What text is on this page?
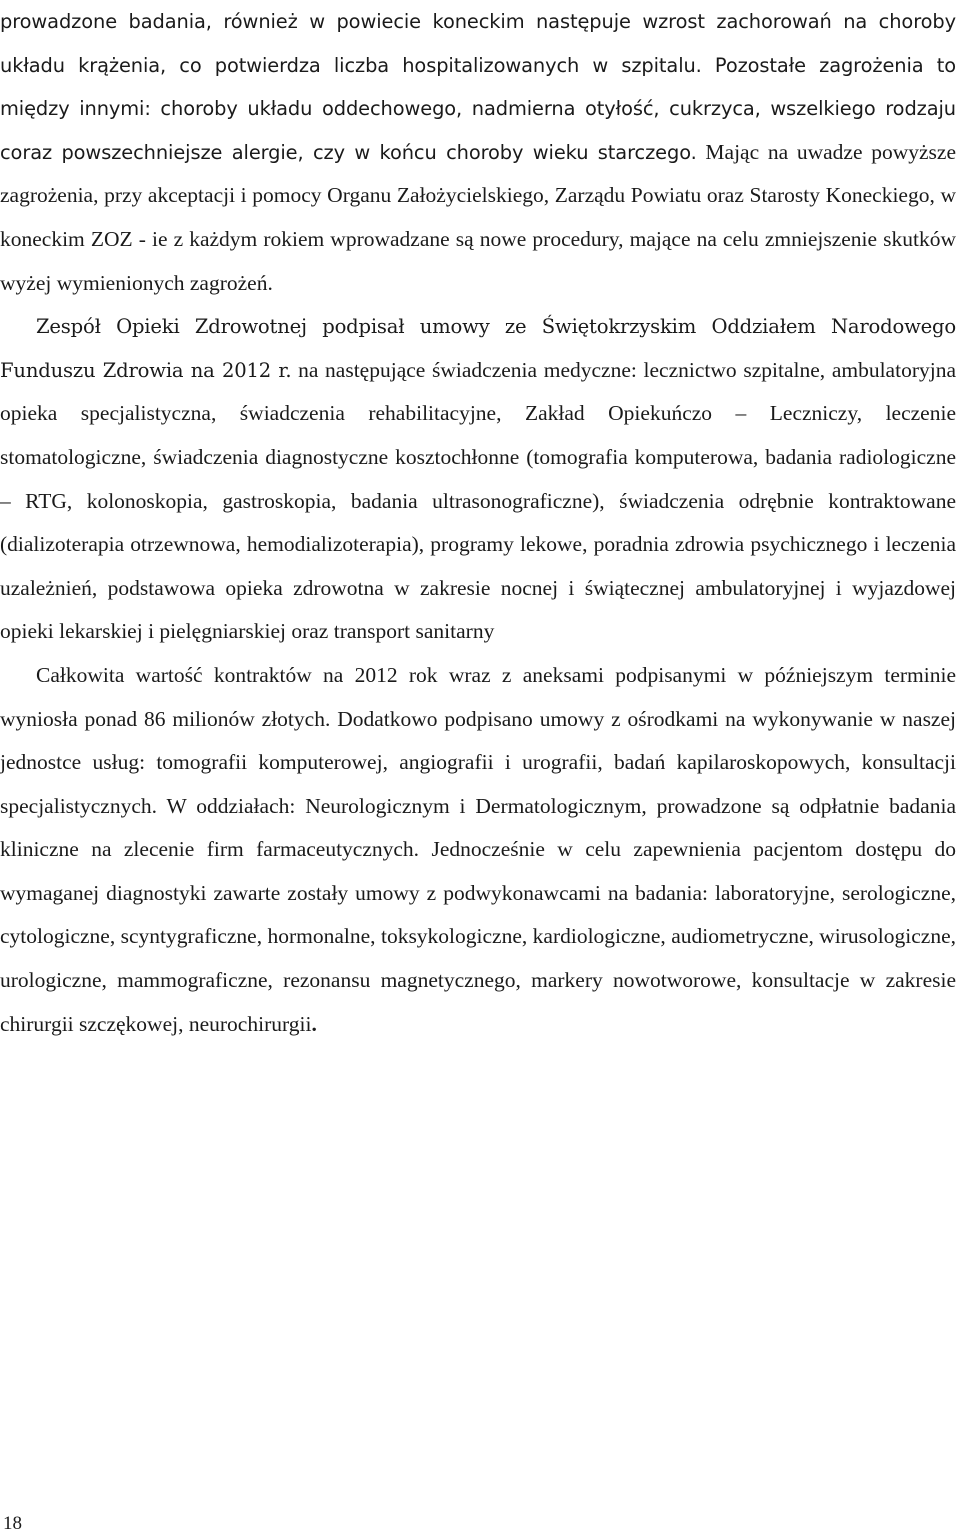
prowadzone badania, również w powiecie koneckim następuje wzrost zachorowań na choroby układu krążenia, co potwierdza liczba hospitalizowanych w szpitalu. Pozostałe zagrożenia to między innymi: choroby układu oddechowego, nadmierna otyłość, cukrzyca, wszelkiego rodzaju coraz powszechniejsze alergie, czy w końcu choroby wieku starczego. Mając na uwadze powyższe zagrożenia, przy akceptacji i pomocy Organu Założycielskiego, Zarządu Powiatu oraz Starosty Koneckiego, w koneckim ZOZ - ie z każdym rokiem wprowadzane są nowe procedury, mające na celu zmniejszenie skutków wyżej wymienionych zagrożeń.

Zespół Opieki Zdrowotnej podpisał umowy ze Świętokrzyskim Oddziałem Narodowego Funduszu Zdrowia na 2012 r. na następujące świadczenia medyczne: lecznictwo szpitalne, ambulatoryjna opieka specjalistyczna, świadczenia rehabilitacyjne, Zakład Opiekuńczo – Leczniczy, leczenie stomatologiczne, świadczenia diagnostyczne kosztochłonne (tomografia komputerowa, badania radiologiczne – RTG, kolonoskopia, gastroskopia, badania ultrasonograficzne), świadczenia odrębnie kontraktowane (dializoterapia otrzewnowa, hemodializoterapia), programy lekowe, poradnia zdrowia psychicznego i leczenia uzależnień, podstawowa opieka zdrowotna w zakresie nocnej i świątecznej ambulatoryjnej i wyjazdowej opieki lekarskiej i pielęgniarskiej oraz transport sanitarny

Całkowita wartość kontraktów na 2012 rok wraz z aneksami podpisanymi w późniejszym terminie wyniosła ponad 86 milionów złotych. Dodatkowo podpisano umowy z ośrodkami na wykonywanie w naszej jednostce usług: tomografii komputerowej, angiografii i urografii, badań kapilaroskopowych, konsultacji specjalistycznych. W oddziałach: Neurologicznym i Dermatologicznym, prowadzone są odpłatnie badania kliniczne na zlecenie firm farmaceutycznych. Jednocześnie w celu zapewnienia pacjentom dostępu do wymaganej diagnostyki zawarte zostały umowy z podwykonawcami na badania: laboratoryjne, serologiczne, cytologiczne, scyntygraficzne, hormonalne, toksykologiczne, kardiologiczne, audiometryczne, wirusologiczne, urologiczne, mammograficzne, rezonansu magnetycznego, markery nowotworowe, konsultacje w zakresie chirurgii szczękowej, neurochirurgii.

18
